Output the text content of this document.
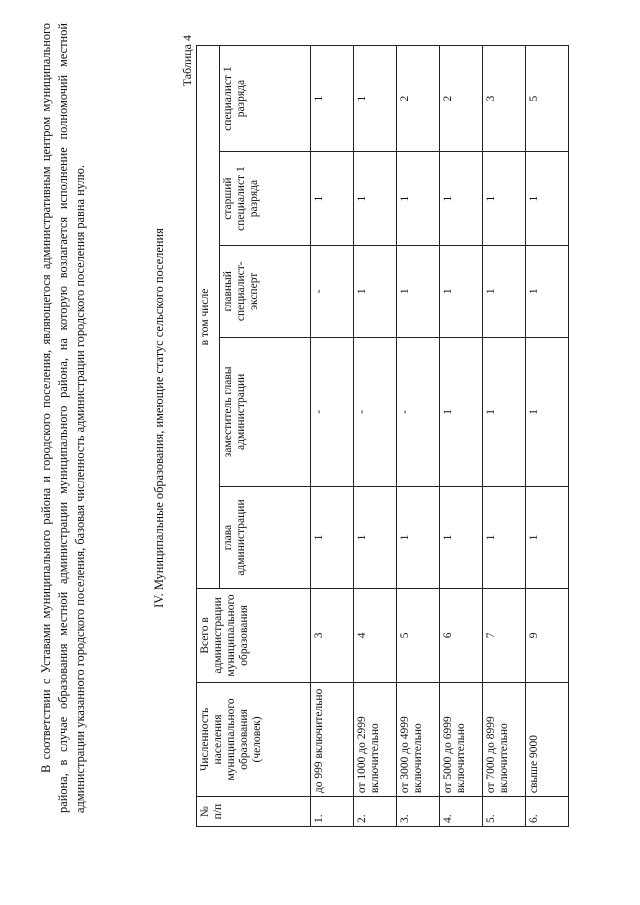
В соответствии с Уставами муниципального района и городского поселения, являющегося административным центром муниципального района, в случае образования местной администрации муниципального района, на которую возлагается исполнение полномочий местной администрации указанного городского поселения, базовая численность администрации городского поселения равна нулю.	IV. Муниципальные образования, имеющие статус сельского поселения

Таблица 4

№ п/п	Численность населения муниципального образования (человек)	Всего в администрации муниципального образования	в том числе				
			глава администрации	заместитель главы администрации	главный специалист-эксперт	старший специалист 1 разряда	специалист 1 разряда
1.	до 999 включительно	3	1	-	-	1	1
2.	от 1000 до 2999 включительно	4	1	-	1	1	1
3.	от 3000 до 4999 включительно	5	1	-	1	1	2
4.	от 5000 до 6999 включительно	6	1	1	1	1	2
5.	от 7000 до 8999 включительно	7	1	1	1	1	3
6.	свыше 9000	9	1	1	1	1	5
